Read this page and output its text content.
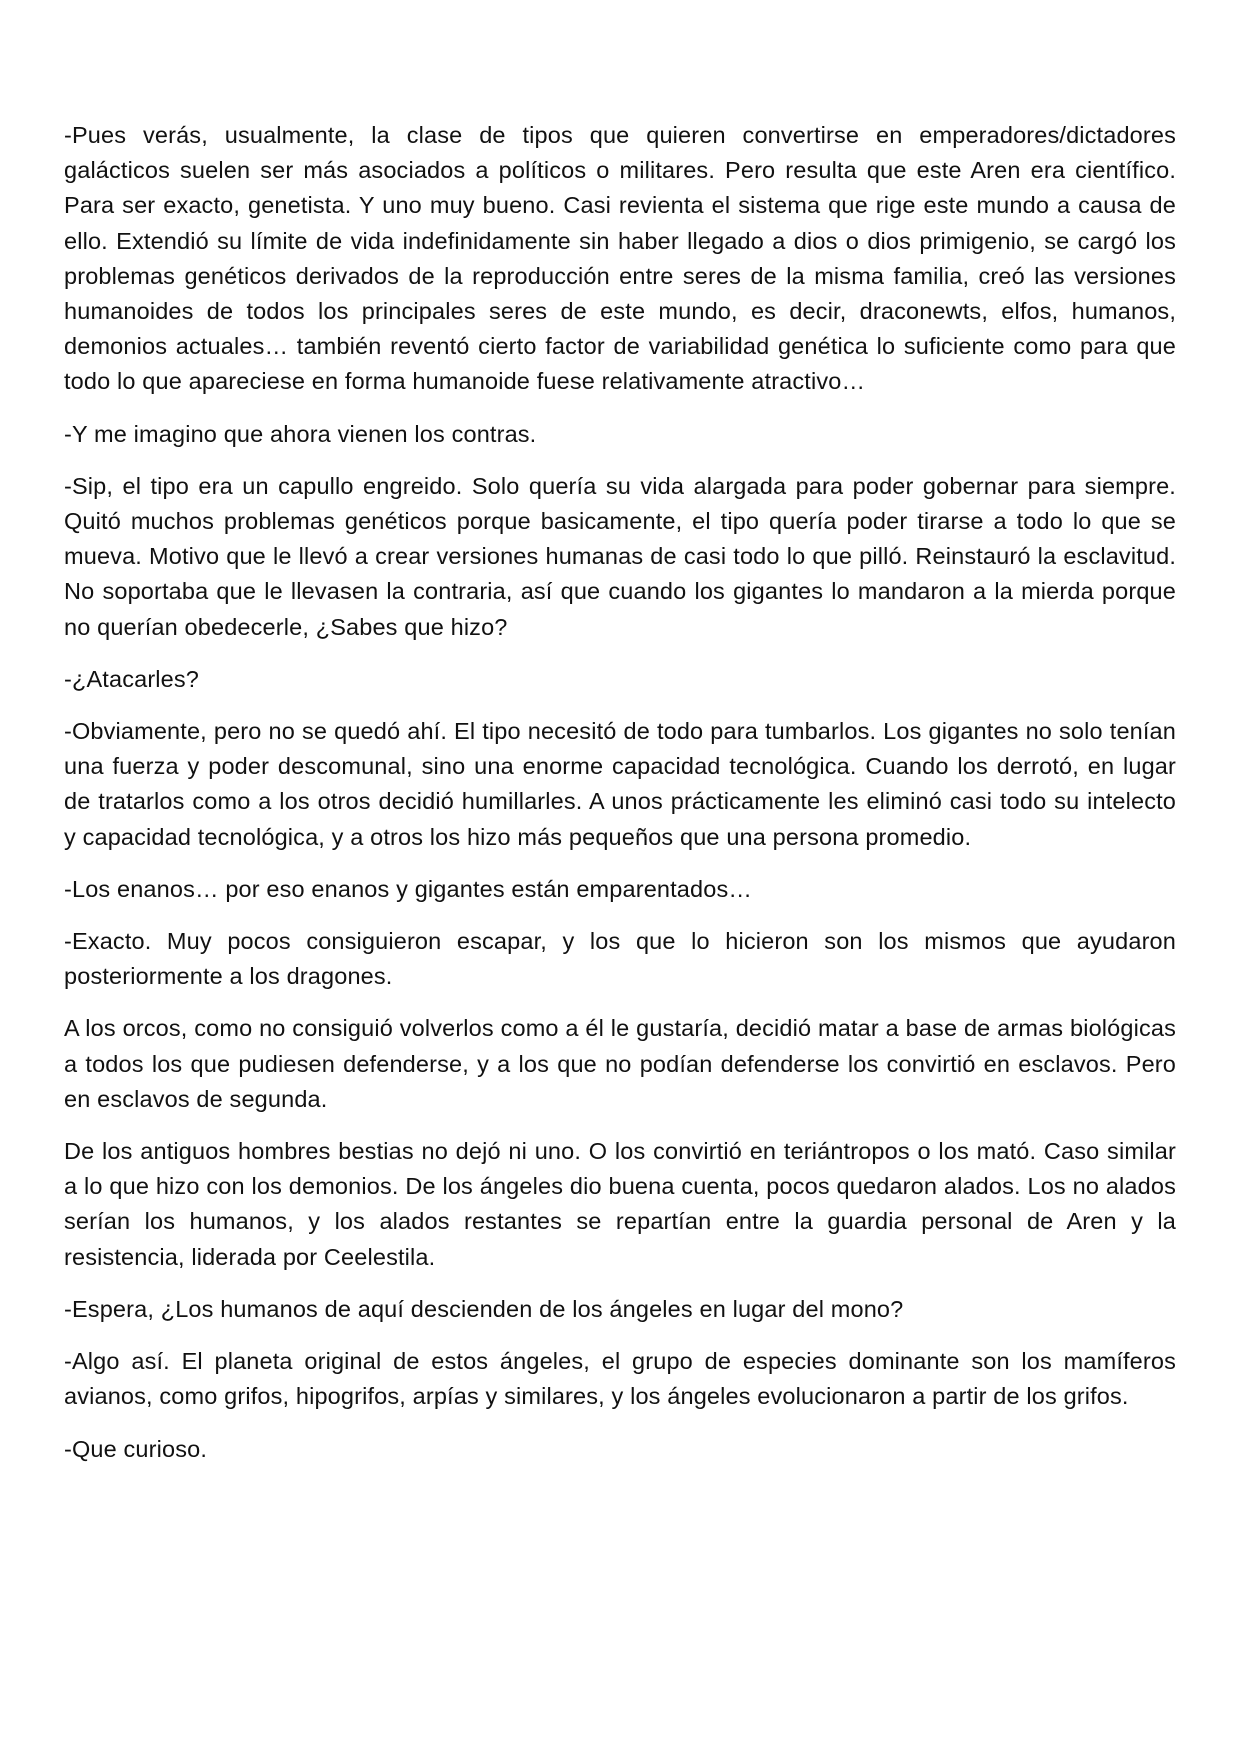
-Pues verás, usualmente, la clase de tipos que quieren convertirse en emperadores/dictadores galácticos suelen ser más asociados a políticos o militares. Pero resulta que este Aren era científico. Para ser exacto, genetista. Y uno muy bueno. Casi revienta el sistema que rige este mundo a causa de ello. Extendió su límite de vida indefinidamente sin haber llegado a dios o dios primigenio, se cargó los problemas genéticos derivados de la reproducción entre seres de la misma familia, creó las versiones humanoides de todos los principales seres de este mundo, es decir, draconewts, elfos, humanos, demonios actuales… también reventó cierto factor de variabilidad genética lo suficiente como para que todo lo que apareciese en forma humanoide fuese relativamente atractivo…

-Y me imagino que ahora vienen los contras.

-Sip, el tipo era un capullo engreido. Solo quería su vida alargada para poder gobernar para siempre. Quitó muchos problemas genéticos porque basicamente, el tipo quería poder tirarse a todo lo que se mueva. Motivo que le llevó a crear versiones humanas de casi todo lo que pilló. Reinstauró la esclavitud. No soportaba que le llevasen la contraria, así que cuando los gigantes lo mandaron a la mierda porque no querían obedecerle, ¿Sabes que hizo?

-¿Atacarles?

-Obviamente, pero no se quedó ahí. El tipo necesitó de todo para tumbarlos. Los gigantes no solo tenían una fuerza y poder descomunal, sino una enorme capacidad tecnológica. Cuando los derrotó, en lugar de tratarlos como a los otros decidió humillarles. A unos prácticamente les eliminó casi todo su intelecto y capacidad tecnológica, y a otros los hizo más pequeños que una persona promedio.

-Los enanos… por eso enanos y gigantes están emparentados…

-Exacto. Muy pocos consiguieron escapar, y los que lo hicieron son los mismos que ayudaron posteriormente a los dragones.

A los orcos, como no consiguió volverlos como a él le gustaría, decidió matar a base de armas biológicas a todos los que pudiesen defenderse, y a los que no podían defenderse los convirtió en esclavos. Pero en esclavos de segunda.

De los antiguos hombres bestias no dejó ni uno. O los convirtió en teriántropos o los mató. Caso similar a lo que hizo con los demonios. De los ángeles dio buena cuenta, pocos quedaron alados. Los no alados serían los humanos, y los alados restantes se repartían entre la guardia personal de Aren y la resistencia, liderada por Ceelestila.

-Espera, ¿Los humanos de aquí descienden de los ángeles en lugar del mono?

-Algo así. El planeta original de estos ángeles, el grupo de especies dominante son los mamíferos avianos, como grifos, hipogrifos, arpías y similares, y los ángeles evolucionaron a partir de los grifos.

-Que curioso.
